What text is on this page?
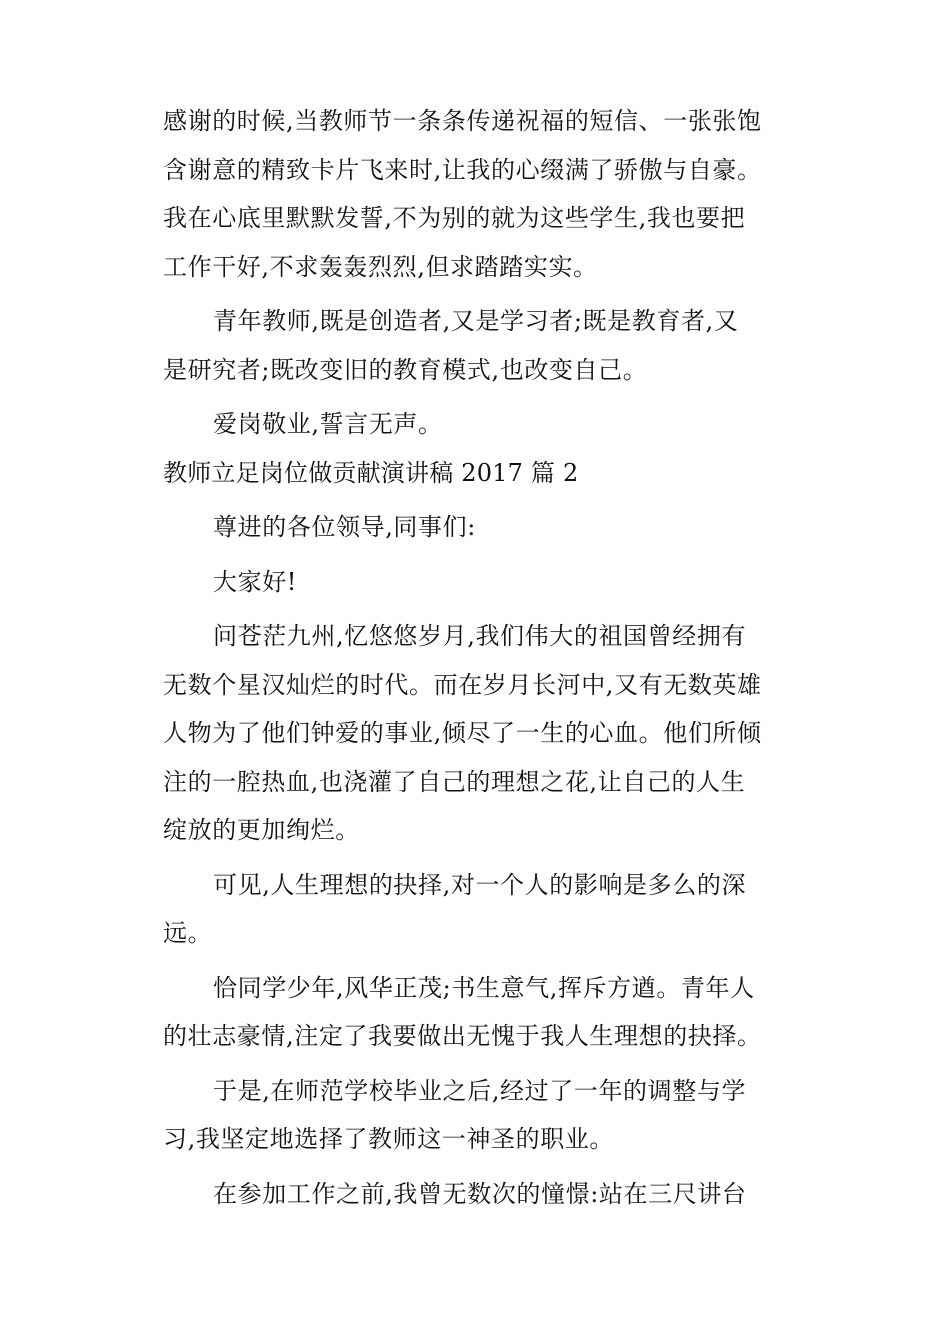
感谢的时候,当教师节一条条传递祝福的短信、一张张饱
含谢意的精致卡片飞来时,让我的心缀满了骄傲与自豪。
我在心底里默默发誓,不为别的就为这些学生,我也要把
工作干好,不求轰轰烈烈,但求踏踏实实。
青年教师,既是创造者,又是学习者;既是教育者,又
是研究者;既改变旧的教育模式,也改变自己。
爱岗敬业,誓言无声。
教师立足岗位做贡献演讲稿 2017 篇 2
尊进的各位领导,同事们:
大家好!
问苍茫九州,忆悠悠岁月,我们伟大的祖国曾经拥有
无数个星汉灿烂的时代。而在岁月长河中,又有无数英雄
人物为了他们钟爱的事业,倾尽了一生的心血。他们所倾
注的一腔热血,也浇灌了自己的理想之花,让自己的人生
绽放的更加绚烂。
可见,人生理想的抉择,对一个人的影响是多么的深
远。
恰同学少年,风华正茂;书生意气,挥斥方遒。青年人
的壮志豪情,注定了我要做出无愧于我人生理想的抉择。
于是,在师范学校毕业之后,经过了一年的调整与学
习,我坚定地选择了教师这一神圣的职业。
在参加工作之前,我曾无数次的憧憬:站在三尺讲台
